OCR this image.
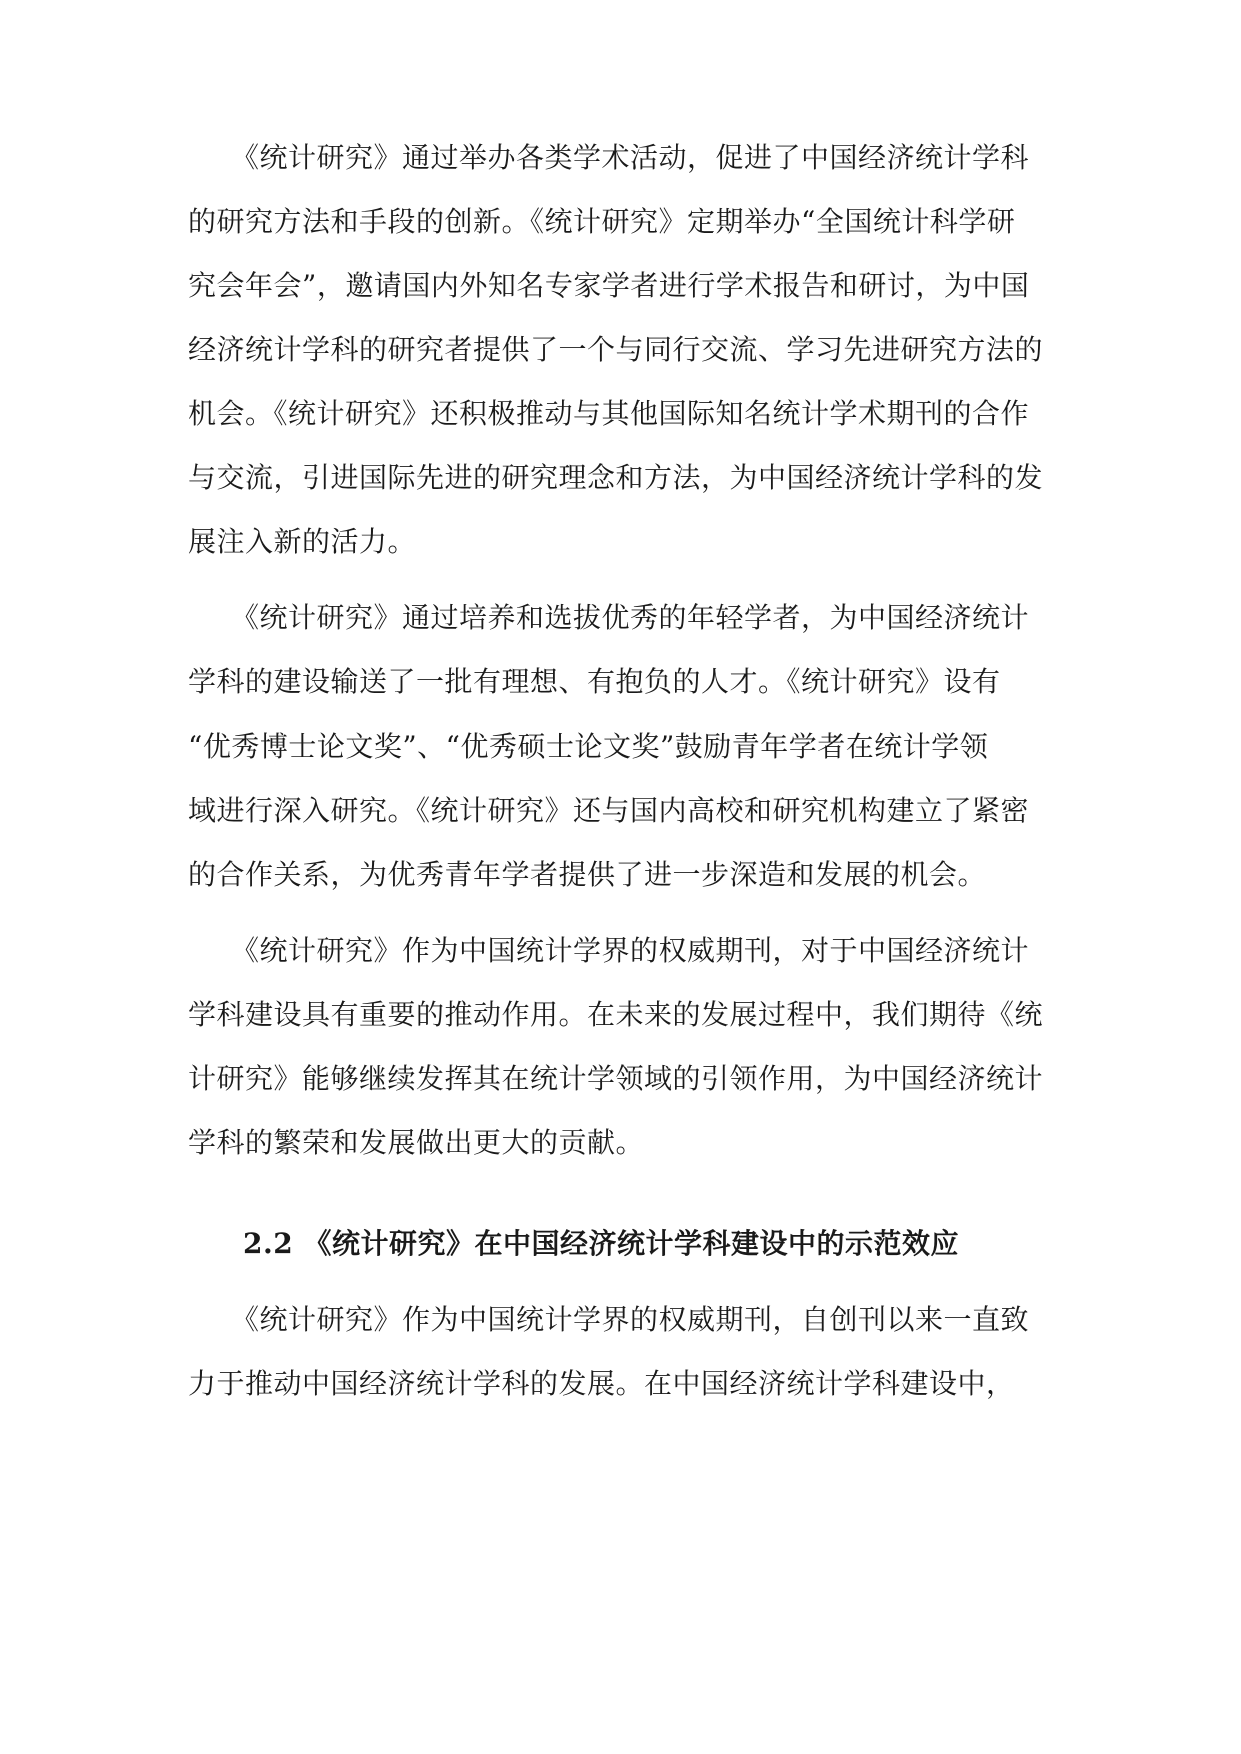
　　《统计研究》通过举办各类学术活动，促进了中国经济统计学科
的研究方法和手段的创新。《统计研究》定期举办“全国统计科学研
究会年会”，邀请国内外知名专家学者进行学术报告和研讨，为中国
经济统计学科的研究者提供了一个与同行交流、学习先进研究方法的
机会。《统计研究》还积极推动与其他国际知名统计学术期刊的合作
与交流，引进国际先进的研究理念和方法，为中国经济统计学科的发
展注入新的活力。
　　《统计研究》通过培养和选拔优秀的年轻学者，为中国经济统计
学科的建设输送了一批有理想、有抱负的人才。《统计研究》设有
“优秀博士论文奖”、“优秀硕士论文奖”鼓励青年学者在统计学领
域进行深入研究。《统计研究》还与国内高校和研究机构建立了紧密
的合作关系，为优秀青年学者提供了进一步深造和发展的机会。
　　《统计研究》作为中国统计学界的权威期刊，对于中国经济统计
学科建设具有重要的推动作用。在未来的发展过程中，我们期待《统
计研究》能够继续发挥其在统计学领域的引领作用，为中国经济统计
学科的繁荣和发展做出更大的贡献。
2.2 《统计研究》在中国经济统计学科建设中的示范效应
　　《统计研究》作为中国统计学界的权威期刊，自创刊以来一直致
力于推动中国经济统计学科的发展。在中国经济统计学科建设中，
